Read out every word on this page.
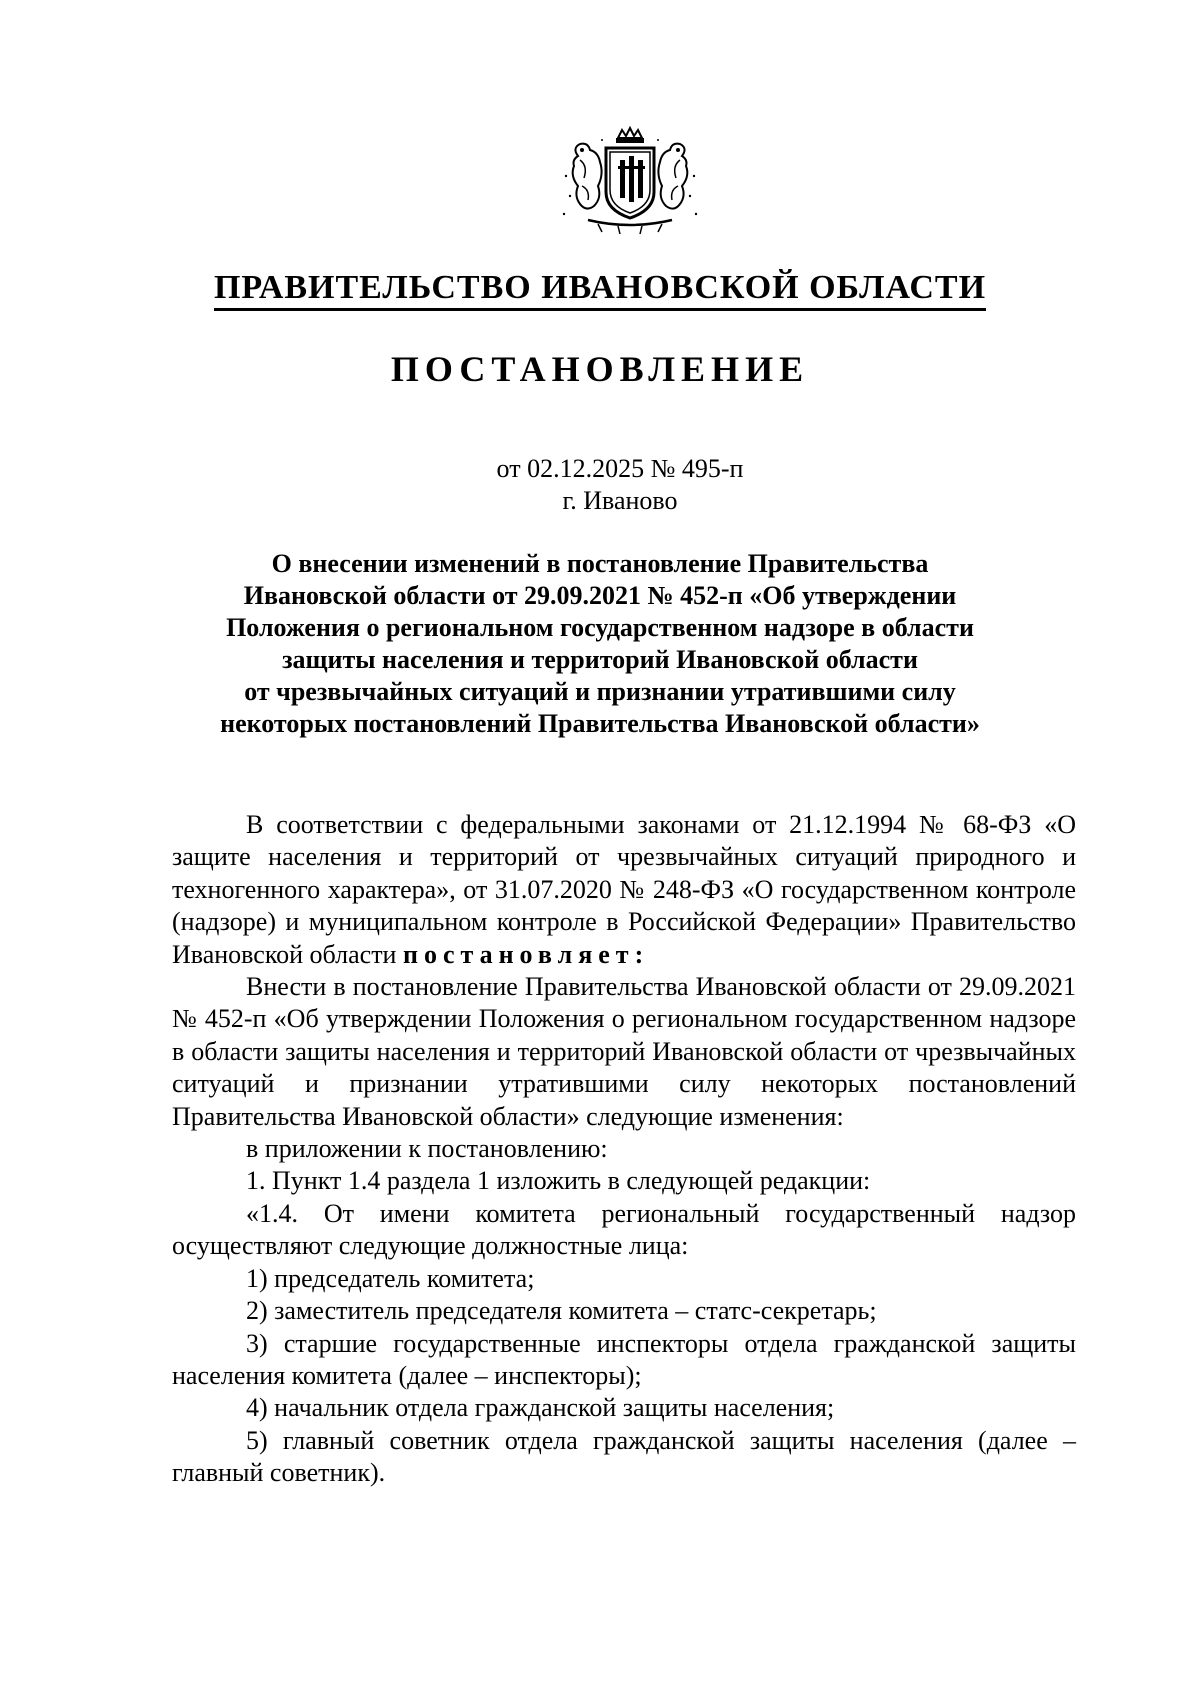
ПРАВИТЕЛЬСТВО ИВАНОВСКОЙ ОБЛАСТИ
ПОСТАНОВЛЕНИЕ
от 02.12.2025 № 495-п
г. Иваново
О внесении изменений в постановление Правительства
Ивановской области от 29.09.2021 № 452-п «Об утверждении
Положения о региональном государственном надзоре в области
защиты населения и территорий Ивановской области
от чрезвычайных ситуаций и признании утратившими силу
некоторых постановлений Правительства Ивановской области»

В соответствии с федеральными законами от 21.12.1994 № 68-ФЗ «О защите населения и территорий от чрезвычайных ситуаций природного и техногенного характера», от 31.07.2020 № 248-ФЗ «О государственном контроле (надзоре) и муниципальном контроле в Российской Федерации» Правительство Ивановской области постановляет:

Внести в постановление Правительства Ивановской области от 29.09.2021 № 452-п «Об утверждении Положения о региональном государственном надзоре в области защиты населения и территорий Ивановской области от чрезвычайных ситуаций и признании утратившими силу некоторых постановлений Правительства Ивановской области» следующие изменения:

в приложении к постановлению:

1. Пункт 1.4 раздела 1 изложить в следующей редакции:

«1.4. От имени комитета региональный государственный надзор осуществляют следующие должностные лица:

1) председатель комитета;

2) заместитель председателя комитета – статс-секретарь;

3) старшие государственные инспекторы отдела гражданской защиты населения комитета (далее – инспекторы);

4) начальник отдела гражданской защиты населения;

5) главный советник отдела гражданской защиты населения (далее – главный советник).
